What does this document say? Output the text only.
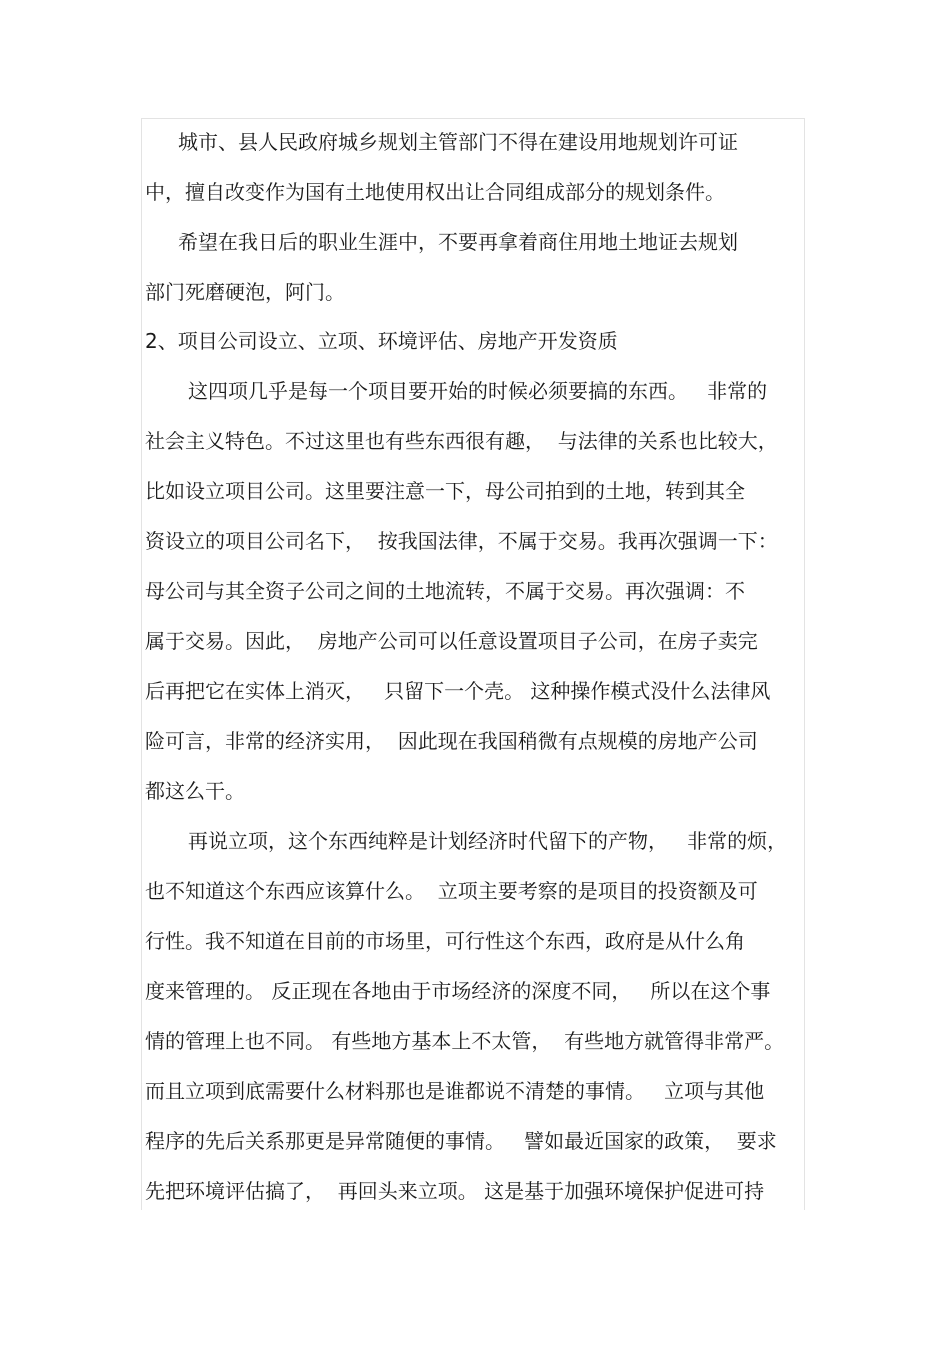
城市、县人民政府城乡规划主管部门不得在建设用地规划许可证
中，擅自改变作为国有土地使用权出让合同组成部分的规划条件。
希望在我日后的职业生涯中，不要再拿着商住用地土地证去规划
部门死磨硬泡，阿门。
2、项目公司设立、立项、环境评估、房地产开发资质
这四项几乎是每一个项目要开始的时候必须要搞的东西。   非常的
社会主义特色。不过这里也有些东西很有趣，  与法律的关系也比较大，
比如设立项目公司。这里要注意一下，母公司拍到的土地，转到其全
资设立的项目公司名下，  按我国法律，不属于交易。我再次强调一下：
母公司与其全资子公司之间的土地流转，不属于交易。再次强调：不
属于交易。因此，  房地产公司可以任意设置项目子公司，在房子卖完
后再把它在实体上消灭，   只留下一个壳。 这种操作模式没什么法律风
险可言，非常的经济实用，  因此现在我国稍微有点规模的房地产公司
都这么干。
再说立项，这个东西纯粹是计划经济时代留下的产物，   非常的烦，
也不知道这个东西应该算什么。  立项主要考察的是项目的投资额及可
行性。我不知道在目前的市场里，可行性这个东西，政府是从什么角
度来管理的。 反正现在各地由于市场经济的深度不同，   所以在这个事
情的管理上也不同。 有些地方基本上不太管，  有些地方就管得非常严。
而且立项到底需要什么材料那也是谁都说不清楚的事情。   立项与其他
程序的先后关系那更是异常随便的事情。   譬如最近国家的政策，  要求
先把环境评估搞了，  再回头来立项。 这是基于加强环境保护促进可持
